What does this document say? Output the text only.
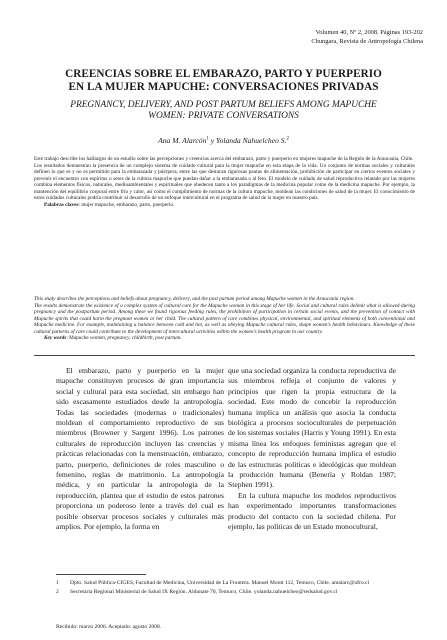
Volumen 40, Nº 2, 2008. Páginas 193-202
Chungara, Revista de Antropología Chilena
CREENCIAS SOBRE EL EMBARAZO, PARTO Y PUERPERIO
EN LA MUJER MAPUCHE: CONVERSACIONES PRIVADAS
PREGNANCY, DELIVERY, AND POST PARTUM BELIEFS AMONG MAPUCHE
WOMEN: PRIVATE CONVERSATIONS
Ana M. Alarcón$^1$ y Yolanda Nahuelcheo S.$^2$

Este trabajo describe los hallazgos de un estudio sobre las percepciones y creencias acerca del embarazo, parto y puerperio en mujeres mapuche de la Región de la Araucanía, Chile.

Los resultados demuestran la presencia de un complejo sistema de cuidado cultural para la mujer mapuche en esta etapa de la vida. Un conjunto de normas sociales y culturales definen lo que es y no es permitido para la embarazada y púérpera, entre las que destacan rigurosas pautas de alimentación, prohibición de participar en ciertos eventos sociales y prevenir el encuentro con espíritus o seres de la cultura mapuche que puedan dañar a la embarazada o al feto. El modelo de cuidado de salud reproductiva relatado por las mujeres combina elementos físicos, naturales, medioambientales y espirituales que obedecen tanto a los paradigmas de la medicina popular como de la medicina mapuche. Por ejemplo, la mantención del equilibrio corporal entre frío y calor, así como el cumplimiento de normas de la cultura mapuche, moldean las condiciones de salud de la mujer. El conocimiento de estos cuidados culturales podría contribuir al desarrollo de un enfoque intercultural en el programa de salud de la mujer en nuestro país.

Palabras claves: mujer mapuche, embarazo, parto, puerperio.

This study describes the perceptions and beliefs about pregnancy, delivery, and the post partum period among Mapuche women in the Araucania region.

The results demonstrate the existence of a complex system of cultural care for the Mapuche woman in this stage of her life. Social and cultural rules delimit what is allowed during pregnancy and the postpartum period. Among these we found rigorous feeding rules, the prohibition of participation in certain social events, and the prevention of contact with Mapuche spirits that could harm the pregnant women or her child. The cultural pattern of care combines physical, environmental, and spiritual elements of both conventional and Mapuche medicine. For example, maintaining a balance between cold and hot, as well as obeying Mapuche cultural rules, shape women's health behaviours. Knowledge of these cultural patterns of care could contribute to the development of intercultural activities within the women's health program in our country.

Key words: Mapuche women, pregnancy, childbirth, post partum.

El embarazo, parto y puerperio en la mujer mapuche constituyen procesos de gran importancia social y cultural para esta sociedad, sin embargo han sido escasamente estudiados desde la antropología. Todas las sociedades (modernas o tradicionales) moldean el comportamiento reproductivo de sus miembros (Browner y Sargent 1996). Los patrones culturales de reproducción incluyen las creencias y prácticas relacionadas con la menstruación, embarazo, parto, puerperio, definiciones de roles masculino o femenino, reglas de matrimonio. La antropología médica, y en particular la antropología de la reproducción, plantea que el estudio de estos patrones proporciona un poderoso lente a través del cual es posible observar procesos sociales y culturales más amplios. Por ejemplo, la forma en

que una sociedad organiza la conducta reproductiva de sus miembros refleja el conjunto de valores y principios que rigen la propia estructura de la sociedad. Este modo de concebir la reproducción humana implica un análisis que asocia la conducta biológica a procesos socioculturales de perpetuación de los sistemas sociales (Harris y Young 1991). En esta misma línea los enfoques feministas agregan que el concepto de reproducción humana implica el estudio de las estructuras políticas e ideológicas que moldean la producción humana (Benería y Roldan 1987; Stephen 1991).

En la cultura mapuche los modelos reproductivos han experimentado importantes transformaciones producto del contacto con la sociedad chilena. Por ejemplo, las políticas de un Estado monocultural,

1	Dpto. Salud Pública-CIGES, Facultad de Medicina, Universidad de La Frontera. Manuel Montt 112, Temuco, Chile. amalarc@ufro.cl
2	Secretaría Regional Ministerial de Salud IX Región. Aldunate 70, Temuco, Chile. yolanda.nahuelcheo@redsalud.gov.cl
Recibido: marzo 2006. Aceptado: agosto 2008.
